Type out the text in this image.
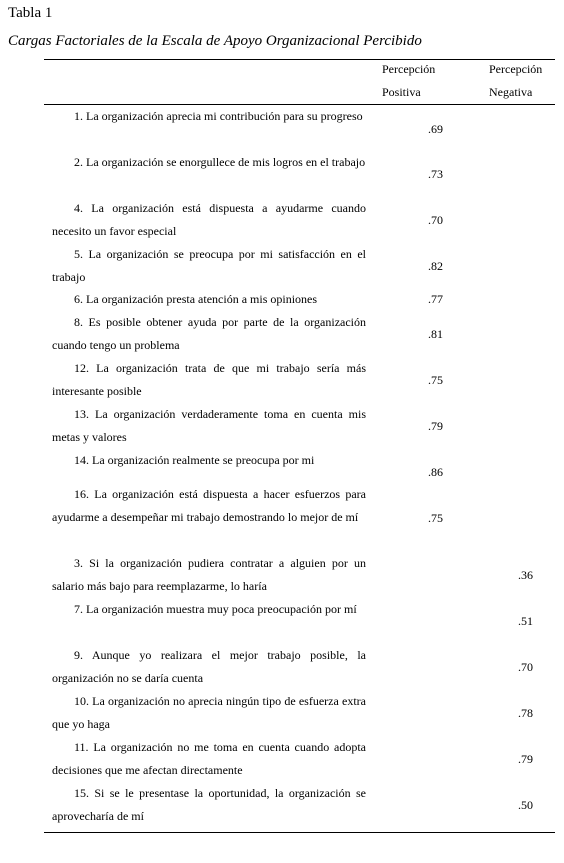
Tabla 1
Cargas Factoriales de la Escala de Apoyo Organizacional Percibido
Percepción
Positiva
Percepción
Negativa
1. La organización aprecia mi contribución para su progreso
.69
2. La organización se enorgullece de mis logros en el trabajo
.73
4. La organización está dispuesta a ayudarme cuando necesito un favor especial
.70
5. La organización se preocupa por mi satisfacción en el trabajo
.82
6. La organización presta atención a mis opiniones	.77
8. Es posible obtener ayuda por parte de la organización cuando tengo un problema
.81
12. La organización trata de que mi trabajo sería más interesante posible
.75
13. La organización verdaderamente toma en cuenta mis metas y valores
.79
14. La organización realmente se preocupa por mi
.86
16. La organización está dispuesta a hacer esfuerzos para ayudarme a desempeñar mi trabajo demostrando lo mejor de mí	.75
3. Si la organización pudiera contratar a alguien por un salario más bajo para reemplazarme, lo haría
.36
7. La organización muestra muy poca preocupación por mí
.51
9. Aunque yo realizara el mejor trabajo posible, la organización no se daría cuenta
.70
10. La organización no aprecia ningún tipo de esfuerza extra que yo haga
.78
11. La organización no me toma en cuenta cuando adopta decisiones que me afectan directamente
.79
15. Si se le presentase la oportunidad, la organización se aprovecharía de mí
.50
